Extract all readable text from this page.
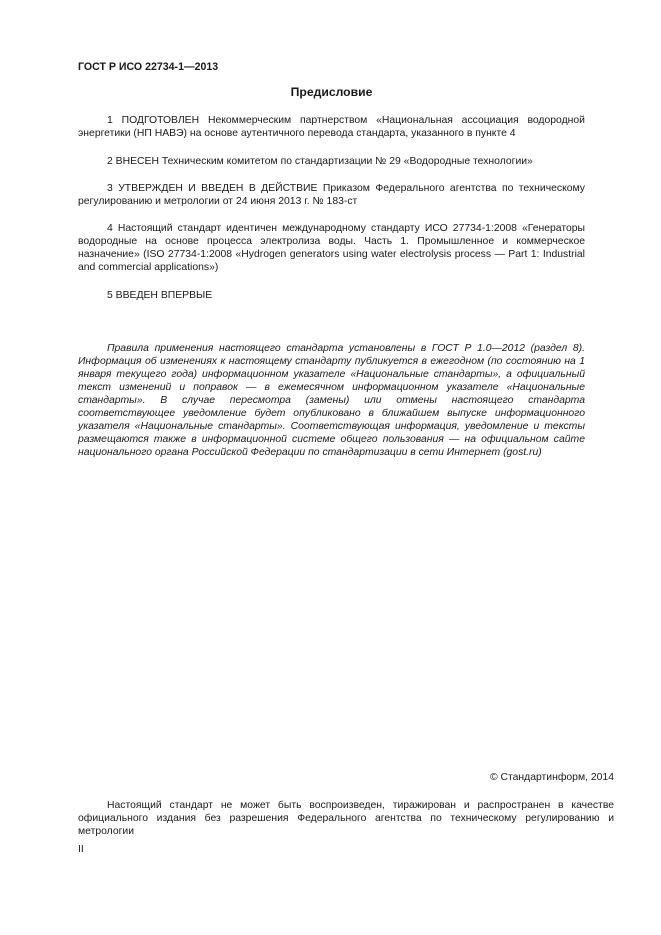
ГОСТ Р ИСО 22734-1—2013
Предисловие

1 ПОДГОТОВЛЕН Некоммерческим партнерством «Национальная ассоциация водородной энергетики (НП НАВЭ) на основе аутентичного перевода стандарта, указанного в пункте 4

2 ВНЕСЕН Техническим комитетом по стандартизации № 29 «Водородные технологии»

3 УТВЕРЖДЕН И ВВЕДЕН В ДЕЙСТВИЕ Приказом Федерального агентства по техническому регулированию и метрологии от 24 июня 2013 г. № 183-ст

4 Настоящий стандарт идентичен международному стандарту ИСО 27734-1:2008 «Генераторы водородные на основе процесса электролиза воды. Часть 1. Промышленное и коммерческое назначение» (ISO 27734-1:2008 «Hydrogen generators using water electrolysis process — Part 1: Industrial and commercial applications»)

5 ВВЕДЕН ВПЕРВЫЕ

Правила применения настоящего стандарта установлены в ГОСТ Р 1.0—2012 (раздел 8). Информация об изменениях к настоящему стандарту публикуется в ежегодном (по состоянию на 1 января текущего года) информационном указателе «Национальные стандарты», а официальный текст изменений и поправок — в ежемесячном информационном указателе «Национальные стандарты». В случае пересмотра (замены) или отмены настоящего стандарта соответствующее уведомление будет опубликовано в ближайшем выпуске информационного указателя «Национальные стандарты». Соответствующая информация, уведомление и тексты размещаются также в информационной системе общего пользования — на официальном сайте национального органа Российской Федерации по стандартизации в сети Интернет (gost.ru)

© Стандартинформ, 2014

Настоящий стандарт не может быть воспроизведен, тиражирован и распространен в качестве официального издания без разрешения Федерального агентства по техническому регулированию и метрологии

II
